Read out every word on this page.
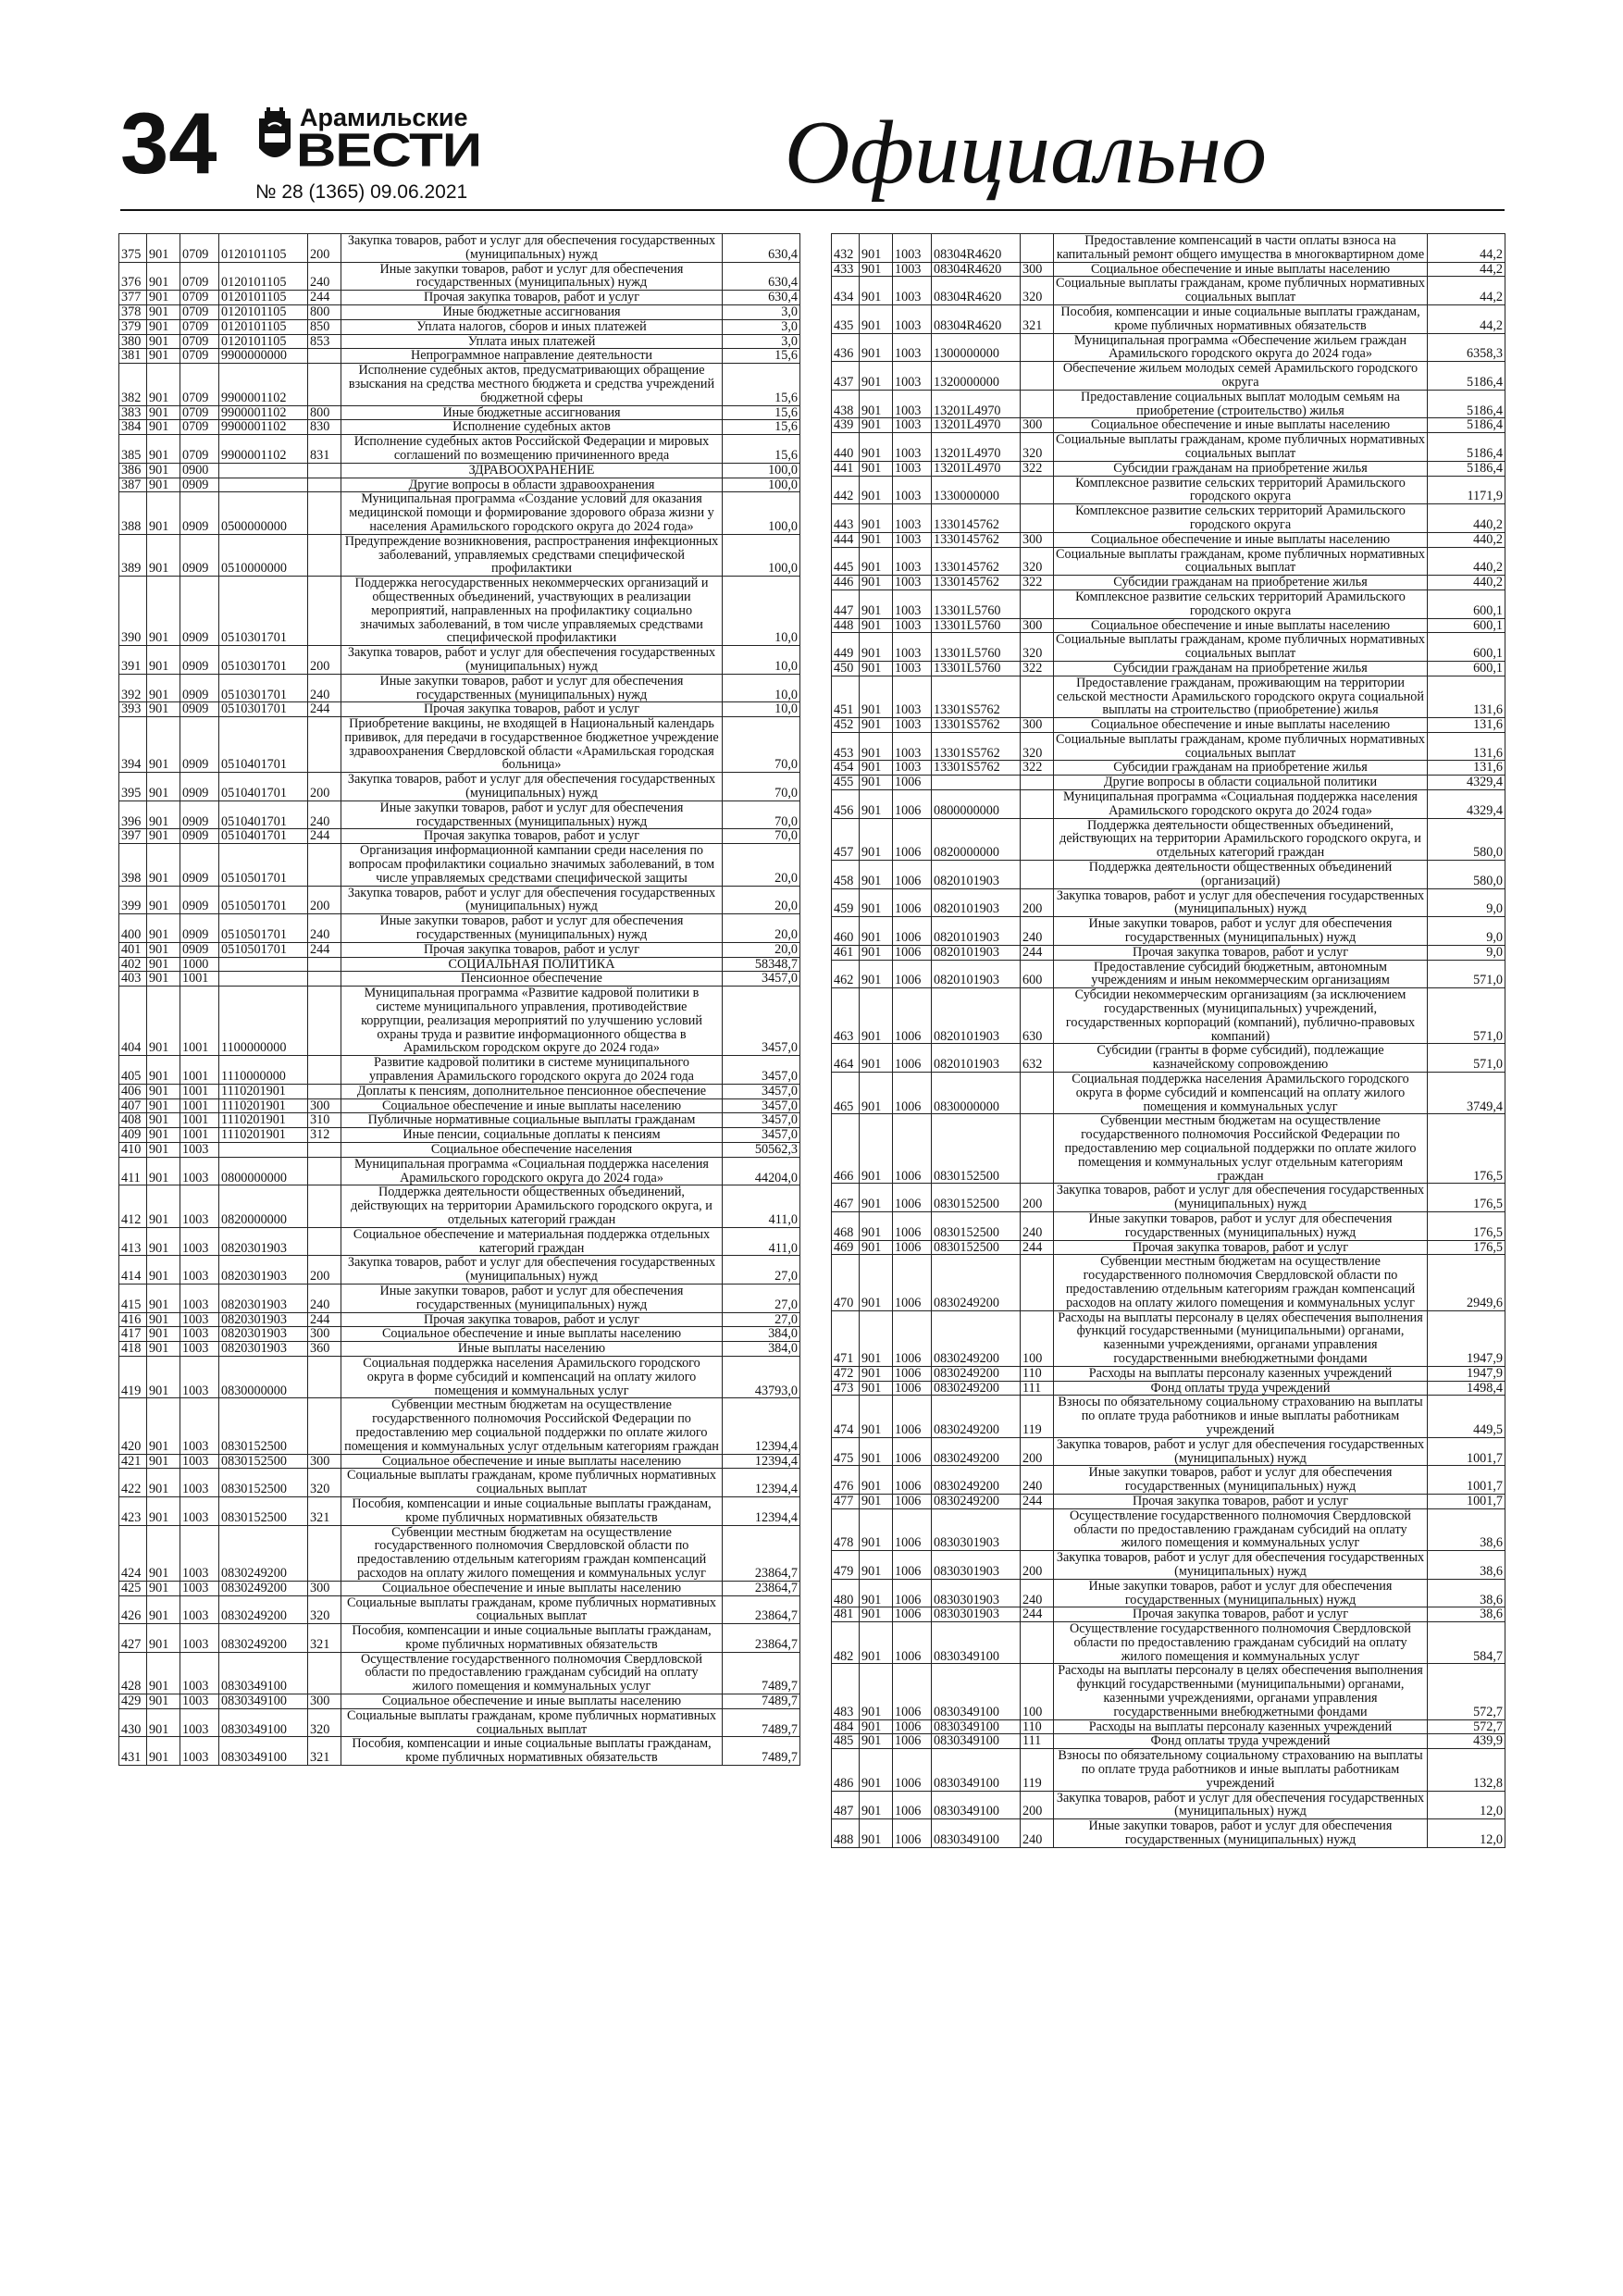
34	Арамильские
ВЕСТИ
№ 28 (1365) 09.06.2021	Официально
375	901	0709	0120101105	200	Закупка товаров, работ и услуг для обеспечения государственных (муниципальных) нужд	630,4
376	901	0709	0120101105	240	Иные закупки товаров, работ и услуг для обеспечения государственных (муниципальных) нужд	630,4
377	901	0709	0120101105	244	Прочая закупка товаров, работ и услуг	630,4
378	901	0709	0120101105	800	Иные бюджетные ассигнования	3,0
379	901	0709	0120101105	850	Уплата налогов, сборов и иных платежей	3,0
380	901	0709	0120101105	853	Уплата иных платежей	3,0
381	901	0709	9900000000		Непрограммное направление деятельности	15,6
382	901	0709	9900001102		Исполнение судебных актов, предусматривающих обращение взыскания на средства местного бюджета и средства учреждений бюджетной сферы	15,6
383	901	0709	9900001102	800	Иные бюджетные ассигнования	15,6
384	901	0709	9900001102	830	Исполнение судебных актов	15,6
385	901	0709	9900001102	831	Исполнение судебных актов Российской Федерации и мировых соглашений по возмещению причиненного вреда	15,6
386	901	0900			ЗДРАВООХРАНЕНИЕ	100,0
387	901	0909			Другие вопросы в области здравоохранения	100,0
388	901	0909	0500000000		Муниципальная программа «Создание условий для оказания медицинской помощи и формирование здорового образа жизни у населения Арамильского городского округа до 2024 года»	100,0
389	901	0909	0510000000		Предупреждение возникновения, распространения инфекционных заболеваний, управляемых средствами специфической профилактики	100,0
390	901	0909	0510301701		Поддержка негосударственных некоммерческих организаций и общественных объединений, участвующих в реализации мероприятий, направленных на профилактику социально значимых заболеваний, в том числе управляемых средствами специфической профилактики	10,0
391	901	0909	0510301701	200	Закупка товаров, работ и услуг для обеспечения государственных (муниципальных) нужд	10,0
392	901	0909	0510301701	240	Иные закупки товаров, работ и услуг для обеспечения государственных (муниципальных) нужд	10,0
393	901	0909	0510301701	244	Прочая закупка товаров, работ и услуг	10,0
394	901	0909	0510401701		Приобретение вакцины, не входящей в Национальный календарь прививок, для передачи в государственное бюджетное учреждение здравоохранения Свердловской области «Арамильская городская больница»	70,0
395	901	0909	0510401701	200	Закупка товаров, работ и услуг для обеспечения государственных (муниципальных) нужд	70,0
396	901	0909	0510401701	240	Иные закупки товаров, работ и услуг для обеспечения государственных (муниципальных) нужд	70,0
397	901	0909	0510401701	244	Прочая закупка товаров, работ и услуг	70,0
398	901	0909	0510501701		Организация информационной кампании среди населения по вопросам профилактики социально значимых заболеваний, в том числе управляемых средствами специфической защиты	20,0
399	901	0909	0510501701	200	Закупка товаров, работ и услуг для обеспечения государственных (муниципальных) нужд	20,0
400	901	0909	0510501701	240	Иные закупки товаров, работ и услуг для обеспечения государственных (муниципальных) нужд	20,0
401	901	0909	0510501701	244	Прочая закупка товаров, работ и услуг	20,0
402	901	1000			СОЦИАЛЬНАЯ ПОЛИТИКА	58348,7
403	901	1001			Пенсионное обеспечение	3457,0
404	901	1001	1100000000		Муниципальная программа «Развитие кадровой политики в системе муниципального управления, противодействие коррупции, реализация мероприятий по улучшению условий охраны труда и развитие информационного общества в Арамильском городском округе до 2024 года»	3457,0
405	901	1001	1110000000		Развитие кадровой политики в системе муниципального управления Арамильского городского округа до 2024 года	3457,0
406	901	1001	1110201901		Доплаты к пенсиям, дополнительное пенсионное обеспечение	3457,0
407	901	1001	1110201901	300	Социальное обеспечение и иные выплаты населению	3457,0
408	901	1001	1110201901	310	Публичные нормативные социальные выплаты гражданам	3457,0
409	901	1001	1110201901	312	Иные пенсии, социальные доплаты к пенсиям	3457,0
410	901	1003			Социальное обеспечение населения	50562,3
411	901	1003	0800000000		Муниципальная программа «Социальная поддержка населения Арамильского городского округа до 2024 года»	44204,0
412	901	1003	0820000000		Поддержка деятельности общественных объединений, действующих на территории Арамильского городского округа, и отдельных категорий граждан	411,0
413	901	1003	0820301903		Социальное обеспечение и материальная поддержка отдельных категорий граждан	411,0
414	901	1003	0820301903	200	Закупка товаров, работ и услуг для обеспечения государственных (муниципальных) нужд	27,0
415	901	1003	0820301903	240	Иные закупки товаров, работ и услуг для обеспечения государственных (муниципальных) нужд	27,0
416	901	1003	0820301903	244	Прочая закупка товаров, работ и услуг	27,0
417	901	1003	0820301903	300	Социальное обеспечение и иные выплаты населению	384,0
418	901	1003	0820301903	360	Иные выплаты населению	384,0
419	901	1003	0830000000		Социальная поддержка населения Арамильского городского округа в форме субсидий и компенсаций на оплату жилого помещения и коммунальных услуг	43793,0
420	901	1003	0830152500		Субвенции местным бюджетам на осуществление государственного полномочия Российской Федерации по предоставлению мер социальной поддержки по оплате жилого помещения и коммунальных услуг отдельным категориям граждан	12394,4
421	901	1003	0830152500	300	Социальное обеспечение и иные выплаты населению	12394,4
422	901	1003	0830152500	320	Социальные выплаты гражданам, кроме публичных нормативных социальных выплат	12394,4
423	901	1003	0830152500	321	Пособия, компенсации и иные социальные выплаты гражданам, кроме публичных нормативных обязательств	12394,4
424	901	1003	0830249200		Субвенции местным бюджетам на осуществление государственного полномочия Свердловской области по предоставлению отдельным категориям граждан компенсаций расходов на оплату жилого помещения и коммунальных услуг	23864,7
425	901	1003	0830249200	300	Социальное обеспечение и иные выплаты населению	23864,7
426	901	1003	0830249200	320	Социальные выплаты гражданам, кроме публичных нормативных социальных выплат	23864,7
427	901	1003	0830249200	321	Пособия, компенсации и иные социальные выплаты гражданам, кроме публичных нормативных обязательств	23864,7
428	901	1003	0830349100		Осуществление государственного полномочия Свердловской области по предоставлению гражданам субсидий на оплату жилого помещения и коммунальных услуг	7489,7
429	901	1003	0830349100	300	Социальное обеспечение и иные выплаты населению	7489,7
430	901	1003	0830349100	320	Социальные выплаты гражданам, кроме публичных нормативных социальных выплат	7489,7
431	901	1003	0830349100	321	Пособия, компенсации и иные социальные выплаты гражданам, кроме публичных нормативных обязательств	7489,7
432	901	1003	08304R4620		Предоставление компенсаций в части оплаты взноса на капитальный ремонт общего имущества в многоквартирном доме	44,2
433	901	1003	08304R4620	300	Социальное обеспечение и иные выплаты населению	44,2
434	901	1003	08304R4620	320	Социальные выплаты гражданам, кроме публичных нормативных социальных выплат	44,2
435	901	1003	08304R4620	321	Пособия, компенсации и иные социальные выплаты гражданам, кроме публичных нормативных обязательств	44,2
436	901	1003	1300000000		Муниципальная программа «Обеспечение жильем граждан Арамильского городского округа до 2024 года»	6358,3
437	901	1003	1320000000		Обеспечение жильем молодых семей Арамильского городского округа	5186,4
438	901	1003	13201L4970		Предоставление социальных выплат молодым семьям на приобретение (строительство) жилья	5186,4
439	901	1003	13201L4970	300	Социальное обеспечение и иные выплаты населению	5186,4
440	901	1003	13201L4970	320	Социальные выплаты гражданам, кроме публичных нормативных социальных выплат	5186,4
441	901	1003	13201L4970	322	Субсидии гражданам на приобретение жилья	5186,4
442	901	1003	1330000000		Комплексное развитие сельских территорий Арамильского городского округа	1171,9
443	901	1003	1330145762		Комплексное развитие сельских территорий Арамильского городского округа	440,2
444	901	1003	1330145762	300	Социальное обеспечение и иные выплаты населению	440,2
445	901	1003	1330145762	320	Социальные выплаты гражданам, кроме публичных нормативных социальных выплат	440,2
446	901	1003	1330145762	322	Субсидии гражданам на приобретение жилья	440,2
447	901	1003	13301L5760		Комплексное развитие сельских территорий Арамильского городского округа	600,1
448	901	1003	13301L5760	300	Социальное обеспечение и иные выплаты населению	600,1
449	901	1003	13301L5760	320	Социальные выплаты гражданам, кроме публичных нормативных социальных выплат	600,1
450	901	1003	13301L5760	322	Субсидии гражданам на приобретение жилья	600,1
451	901	1003	13301S5762		Предоставление гражданам, проживающим на территории сельской местности Арамильского городского округа социальной выплаты на строительство (приобретение) жилья	131,6
452	901	1003	13301S5762	300	Социальное обеспечение и иные выплаты населению	131,6
453	901	1003	13301S5762	320	Социальные выплаты гражданам, кроме публичных нормативных социальных выплат	131,6
454	901	1003	13301S5762	322	Субсидии гражданам на приобретение жилья	131,6
455	901	1006			Другие вопросы в области социальной политики	4329,4
456	901	1006	0800000000		Муниципальная программа «Социальная поддержка населения Арамильского городского округа до 2024 года»	4329,4
457	901	1006	0820000000		Поддержка деятельности общественных объединений, действующих на территории Арамильского городского округа, и отдельных категорий граждан	580,0
458	901	1006	0820101903		Поддержка деятельности общественных объединений (организаций)	580,0
459	901	1006	0820101903	200	Закупка товаров, работ и услуг для обеспечения государственных (муниципальных) нужд	9,0
460	901	1006	0820101903	240	Иные закупки товаров, работ и услуг для обеспечения государственных (муниципальных) нужд	9,0
461	901	1006	0820101903	244	Прочая закупка товаров, работ и услуг	9,0
462	901	1006	0820101903	600	Предоставление субсидий бюджетным, автономным учреждениям и иным некоммерческим организациям	571,0
463	901	1006	0820101903	630	Субсидии некоммерческим организациям (за исключением государственных (муниципальных) учреждений, государственных корпораций (компаний), публично-правовых компаний)	571,0
464	901	1006	0820101903	632	Субсидии (гранты в форме субсидий), подлежащие казначейскому сопровождению	571,0
465	901	1006	0830000000		Социальная поддержка населения Арамильского городского округа в форме субсидий и компенсаций на оплату жилого помещения и коммунальных услуг	3749,4
466	901	1006	0830152500		Субвенции местным бюджетам на осуществление государственного полномочия Российской Федерации по предоставлению мер социальной поддержки по оплате жилого помещения и коммунальных услуг отдельным категориям граждан	176,5
467	901	1006	0830152500	200	Закупка товаров, работ и услуг для обеспечения государственных (муниципальных) нужд	176,5
468	901	1006	0830152500	240	Иные закупки товаров, работ и услуг для обеспечения государственных (муниципальных) нужд	176,5
469	901	1006	0830152500	244	Прочая закупка товаров, работ и услуг	176,5
470	901	1006	0830249200		Субвенции местным бюджетам на осуществление государственного полномочия Свердловской области по предоставлению отдельным категориям граждан компенсаций расходов на оплату жилого помещения и коммунальных услуг	2949,6
471	901	1006	0830249200	100	Расходы на выплаты персоналу в целях обеспечения выполнения функций государственными (муниципальными) органами, казенными учреждениями, органами управления государственными внебюджетными фондами	1947,9
472	901	1006	0830249200	110	Расходы на выплаты персоналу казенных учреждений	1947,9
473	901	1006	0830249200	111	Фонд оплаты труда учреждений	1498,4
474	901	1006	0830249200	119	Взносы по обязательному социальному страхованию на выплаты по оплате труда работников и иные выплаты работникам учреждений	449,5
475	901	1006	0830249200	200	Закупка товаров, работ и услуг для обеспечения государственных (муниципальных) нужд	1001,7
476	901	1006	0830249200	240	Иные закупки товаров, работ и услуг для обеспечения государственных (муниципальных) нужд	1001,7
477	901	1006	0830249200	244	Прочая закупка товаров, работ и услуг	1001,7
478	901	1006	0830301903		Осуществление государственного полномочия Свердловской области по предоставлению гражданам субсидий на оплату жилого помещения и коммунальных услуг	38,6
479	901	1006	0830301903	200	Закупка товаров, работ и услуг для обеспечения государственных (муниципальных) нужд	38,6
480	901	1006	0830301903	240	Иные закупки товаров, работ и услуг для обеспечения государственных (муниципальных) нужд	38,6
481	901	1006	0830301903	244	Прочая закупка товаров, работ и услуг	38,6
482	901	1006	0830349100		Осуществление государственного полномочия Свердловской области по предоставлению гражданам субсидий на оплату жилого помещения и коммунальных услуг	584,7
483	901	1006	0830349100	100	Расходы на выплаты персоналу в целях обеспечения выполнения функций государственными (муниципальными) органами, казенными учреждениями, органами управления государственными внебюджетными фондами	572,7
484	901	1006	0830349100	110	Расходы на выплаты персоналу казенных учреждений	572,7
485	901	1006	0830349100	111	Фонд оплаты труда учреждений	439,9
486	901	1006	0830349100	119	Взносы по обязательному социальному страхованию на выплаты по оплате труда работников и иные выплаты работникам учреждений	132,8
487	901	1006	0830349100	200	Закупка товаров, работ и услуг для обеспечения государственных (муниципальных) нужд	12,0
488	901	1006	0830349100	240	Иные закупки товаров, работ и услуг для обеспечения государственных (муниципальных) нужд	12,0
